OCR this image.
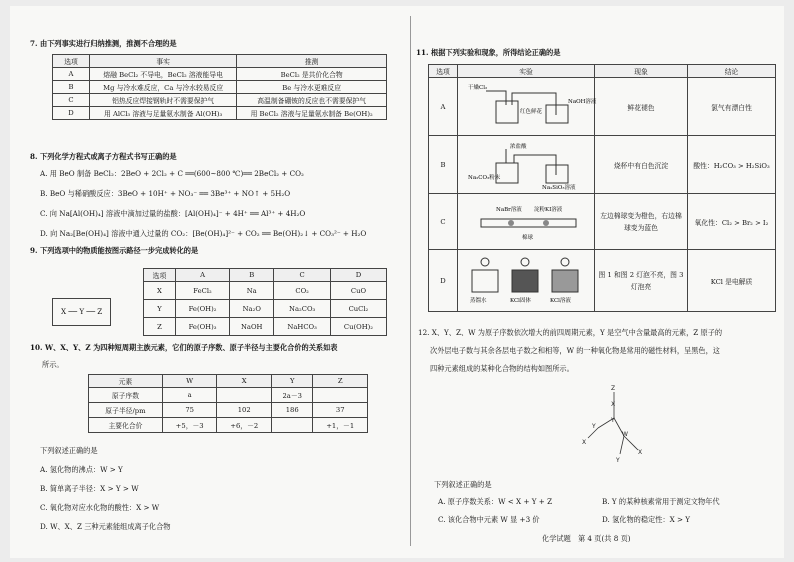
7. 由下列事实进行归纳推测，推测不合理的是
选项	事实	推测
A	熔融 BeCl₂ 不导电，BeCl₂ 溶液能导电	BeCl₂ 是共价化合物
B	Mg 与冷水难反应，Ca 与冷水较易反应	Be 与冷水更难反应
C	铝热反应焊接钢轨时不需要保护气	高温制备硼铍的反应也不需要保护气
D	用 AlCl₃ 溶液与足量氨水制备 Al(OH)₃	用 BeCl₂ 溶液与足量氨水制备 Be(OH)₂
8. 下列化学方程式或离子方程式书写正确的是
A. 用 BeO 制备 BeCl₂：2BeO + 2Cl₂ + C ══(600~800 ℃)══ 2BeCl₂ + CO₂
B. BeO 与稀硝酸反应：3BeO + 10H⁺ + NO₃⁻ ══ 3Be³⁺ + NO↑ + 5H₂O
C. 向 Na[Al(OH)₄] 溶液中滴加过量的盐酸：[Al(OH)₄]⁻ + 4H⁺ ══ Al³⁺ + 4H₂O
D. 向 Na₂[Be(OH)₄] 溶液中通入过量的 CO₂：[Be(OH)₄]²⁻ + CO₂ ══ Be(OH)₂↓ + CO₃²⁻ + H₂O
9. 下列选项中的物质能按图示路径一步完成转化的是
X ── Y ── Z
选项	A	B	C	D
X	FeCl₂	Na	CO₂	CuO
Y	Fe(OH)₂	Na₂O	Na₂CO₃	CuCl₂
Z	Fe(OH)₃	NaOH	NaHCO₃	Cu(OH)₂
10. W、X、Y、Z 为四种短周期主族元素，它们的原子序数、原子半径与主要化合价的关系如表
所示。
元素	W	X	Y	Z
原子序数	a		2a－3	
原子半径/pm	75	102	186	37
主要化合价	+5，－3	+6，－2		+1，－1
下列叙述正确的是
A. 氢化物的沸点：W > Y
B. 简单离子半径：X > Y > W
C. 氧化物对应水化物的酸性：X > W
D. W、X、Z 三种元素能组成离子化合物
11. 根据下列实验和现象，所得结论正确的是
选项	实验	现象	结论
A	干燥Cl₂
红色鲜花
NaOH溶液	鲜花褪色	氯气有漂白性
B	浓盐酸
Na₂CO₃粉末
Na₂SiO₃溶液	烧杯中有白色沉淀	酸性：H₂CO₃ > H₂SiO₃
C	NaBr溶液 淀粉KI溶液
棉球	左边棉球变为橙色，右边棉球变为蓝色	氧化性：Cl₂ > Br₂ > I₂
D	蒸馏水 KCl固体 KCl溶液	图 1 和图 2 灯泡不亮，图 3 灯泡亮	KCl 是电解质
12. X、Y、Z、W 为原子序数依次增大的前四周期元素，Y 是空气中含量最高的元素，Z 原子的
次外层电子数与其余各层电子数之和相等，W 的一种氧化物是常用的磁性材料，呈黑色，这
四种元素组成的某种化合物的结构如图所示。
Z
X
Y
Y
W
X
Y
X
下列叙述正确的是
A. 原子序数关系：W < X + Y + Z	B. Y 的某种核素常用于测定文物年代
C. 该化合物中元素 W 显 +3 价	D. 氢化物的稳定性：X > Y
化学试题　第 4 页(共 8 页)
